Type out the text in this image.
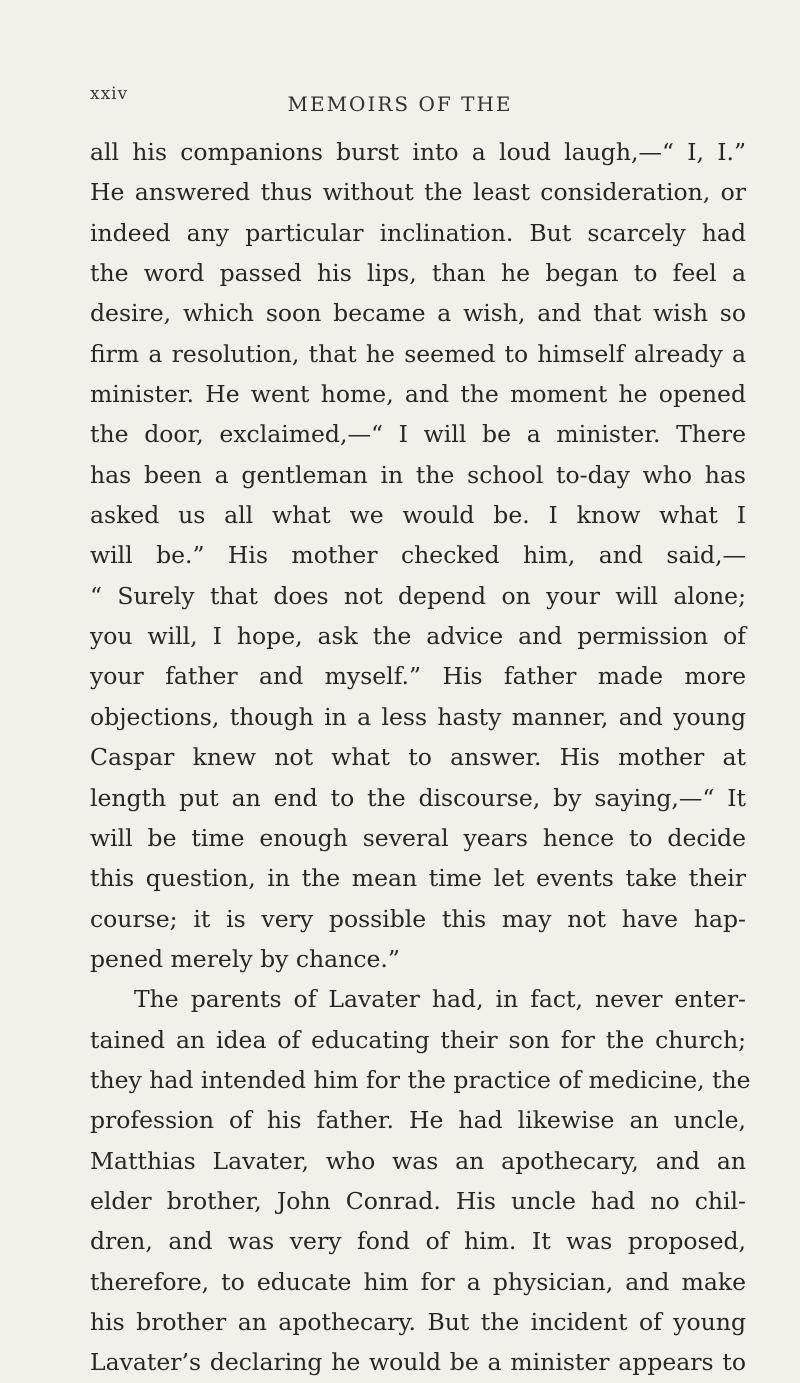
xxiv	MEMOIRS OF THE
all his companions burst into a loud laugh,—“ I, I.”
He answered thus without the least consideration, or
indeed any particular inclination. But scarcely had
the word passed his lips, than he began to feel a
desire, which soon became a wish, and that wish so
firm a resolution, that he seemed to himself already a
minister. He went home, and the moment he opened
the door, exclaimed,—“ I will be a minister. There
has been a gentleman in the school to-day who has
asked us all what we would be. I know what I
will be.” His mother checked him, and said,—
“ Surely that does not depend on your will alone;
you will, I hope, ask the advice and permission of
your father and myself.” His father made more
objections, though in a less hasty manner, and young
Caspar knew not what to answer. His mother at
length put an end to the discourse, by saying,—“ It
will be time enough several years hence to decide
this question, in the mean time let events take their
course; it is very possible this may not have hap-
pened merely by chance.”
The parents of Lavater had, in fact, never enter-
tained an idea of educating their son for the church;
they had intended him for the practice of medicine, the
profession of his father. He had likewise an uncle,
Matthias Lavater, who was an apothecary, and an
elder brother, John Conrad. His uncle had no chil-
dren, and was very fond of him. It was proposed,
therefore, to educate him for a physician, and make
his brother an apothecary. But the incident of young
Lavater’s declaring he would be a minister appears to
